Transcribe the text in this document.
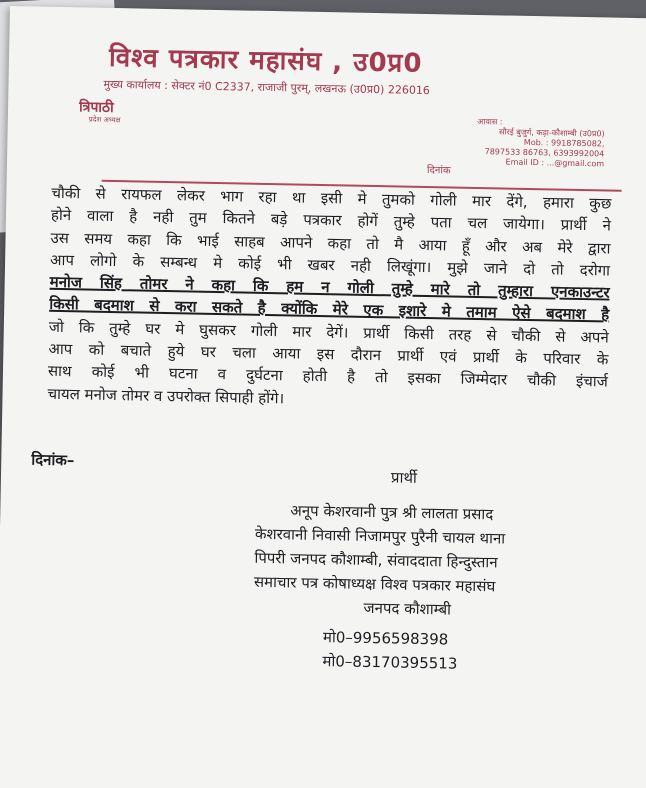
विश्व पत्रकार महासंघ , उ0प्र0
मुख्य कार्यालय : सेक्टर नं0 C2337, राजाजी पुरम्, लखनऊ (उ0प्र0) 226016
त्रिपाठी
प्रदेश अध्यक्ष	आवास :
सौरई बुजुर्ग, कड़ा-कौशाम्बी (उ0प्र0)
Mob. : 9918785082,
7897533 86763, 6393992004
Email ID : ...@gmail.com
दिनांक
चौकी से रायफल लेकर भाग रहा था इसी मे तुमको गोली मार देंगे, हमारा कुछ
होने वाला है नही तुम कितने बड़े पत्रकार होगें तुम्हे पता चल जायेगा। प्रार्थी ने
उस समय कहा कि भाई साहब आपने कहा तो मै आया हूँ और अब मेरे द्वारा
आप लोगो के सम्बन्ध मे कोई भी खबर नही लिखूंगा। मुझे जाने दो तो दरोगा
मनोज सिंह तोमर ने कहा कि हम न गोली तुम्हे मारे तो तुम्हारा एनकाउन्टर
किसी बदमाश से करा सकते है क्योंकि मेरे एक इशारे मे तमाम ऐसे बदमाश है
जो कि तुम्हे घर मे घुसकर गोली मार देगें। प्रार्थी किसी तरह से चौकी से अपने
आप को बचाते हुये घर चला आया इस दौरान प्रार्थी एवं प्रार्थी के परिवार के
साथ कोई भी घटना व दुर्घटना होती है तो इसका जिम्मेदार चौकी इंचार्ज
चायल मनोज तोमर व उपरोक्त सिपाही होंगे।
दिनांक–
प्रार्थी
अनूप केशरवानी पुत्र श्री लालता प्रसाद
केशरवानी निवासी निजामपुर पुरैनी चायल थाना
पिपरी जनपद कौशाम्बी, संवाददाता हिन्दुस्तान
समाचार पत्र कोषाध्यक्ष विश्व पत्रकार महासंघ
जनपद कौशाम्बी
मो0–9956598398
मो0–83170395513
